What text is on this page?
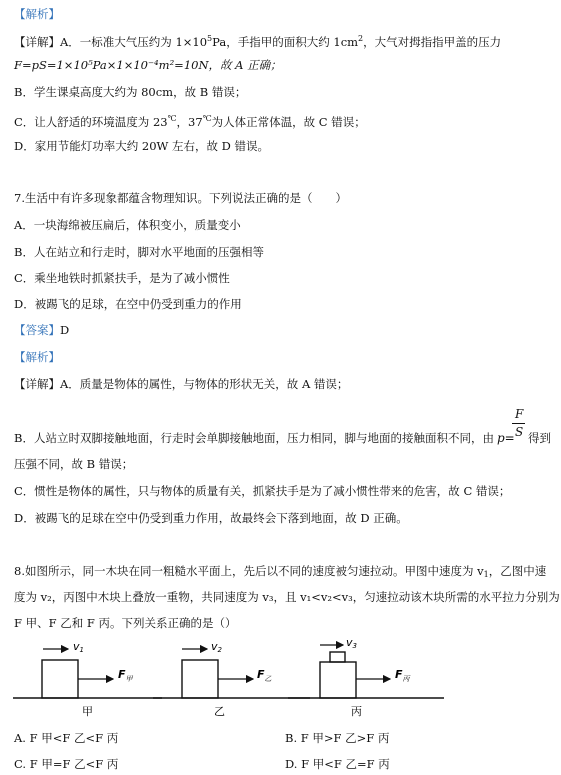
【解析】
【详解】A．一标准大气压约为 $1\times 10^5Pa$，手指甲的面积大约 $1cm^2$，大气对拇指指甲盖的压力
F=pS=1×10⁵Pa×1×10⁻⁴m²=10N，故 A 正确；
B．学生课桌高度大约为 80cm，故 B 错误；
C．让人舒适的环境温度为 23℃，37℃为人体正常体温，故 C 错误；
D．家用节能灯功率大约 20W 左右，故 D 错误。
7.生活中有许多现象都蕴含物理知识。下列说法正确的是（　　）
A．一块海绵被压扁后，体积变小，质量变小
B．人在站立和行走时，脚对水平地面的压强相等
C．乘坐地铁时抓紧扶手，是为了减小惯性
D．被踢飞的足球，在空中仍受到重力的作用
【答案】D
【解析】
【详解】A．质量是物体的属性，与物体的形状无关，故 A 错误；
B．人站立时双脚接触地面，行走时会单脚接触地面，压力相同，脚与地面的接触面积不同，由 p=
F
S 得到
压强不同，故 B 错误；
C．惯性是物体的属性，只与物体的质量有关，抓紧扶手是为了减小惯性带来的危害，故 C 错误；
D．被踢飞的足球在空中仍受到重力作用，故最终会下落到地面，故 D 正确。
8.如图所示，同一木块在同一粗糙水平面上，先后以不同的速度被匀速拉动。甲图中速度为 $v_1$，乙图中速
度为 v₂，丙图中木块上叠放一重物，共同速度为 v₃，且 v₁<v₂<v₃，匀速拉动该木块所需的水平拉力分别为
F 甲、F 乙和 F 丙。下列关系正确的是（）
v1
$F_甲$
甲
v2
$F_乙$
乙
v3
$F_丙$
丙
A. F 甲<F 乙<F 丙	B. F 甲>F 乙>F 丙
C. F 甲=F 乙<F 丙	D. F 甲<F 乙=F 丙
